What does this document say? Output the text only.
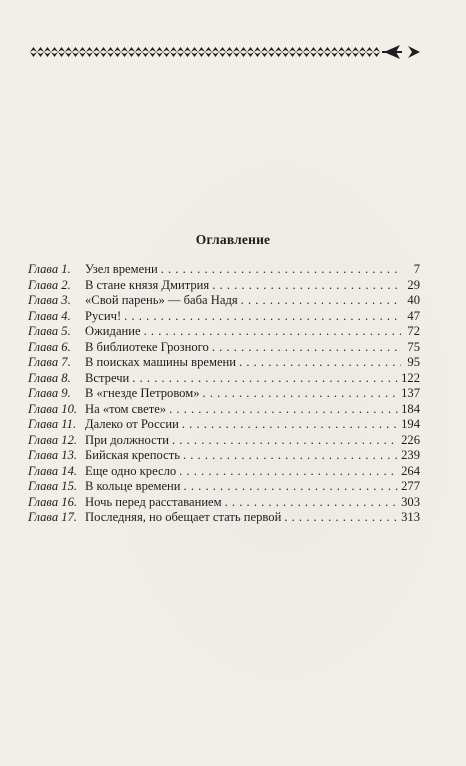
Оглавление
Глава 1.	Узел времени . . .	7
Глава 2.	В стане князя Дмитрия . . .	29
Глава 3.	«Свой парень» — баба Надя . . .	40
Глава 4.	Русич! . . .	47
Глава 5.	Ожидание . . .	72
Глава 6.	В библиотеке Грозного . . .	75
Глава 7.	В поисках машины времени . . .	95
Глава 8.	Встречи . . .	122
Глава 9.	В «гнезде Петровом» . . .	137
Глава 10. На «том свете» . . .	184
Глава 11. Далеко от России . . .	194
Глава 12. При должности . . .	226
Глава 13. Бийская крепость . . .	239
Глава 14. Еще одно кресло . . .	264
Глава 15. В кольце времени . . .	277
Глава 16. Ночь перед расставанием . . .	303
Глава 17. Последняя, но обещает стать первой . . .	313
